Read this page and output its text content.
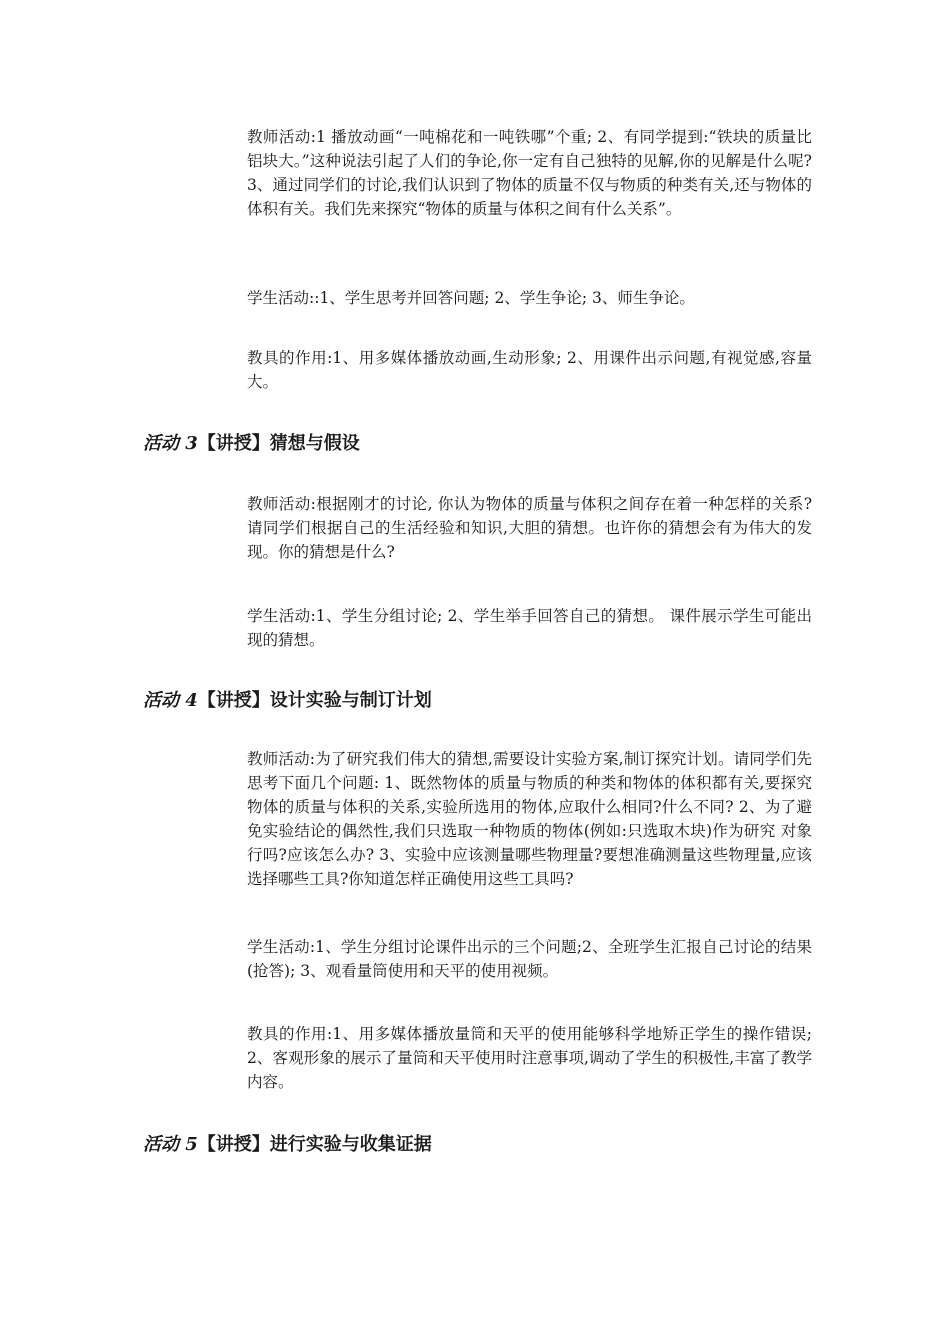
教师活动:1 播放动画“一吨棉花和一吨铁哪”个重; 2、有同学提到:“铁块的质量比铝块大。”这种说法引起了人们的争论,你一定有自己独特的见解,你的见解是什么呢? 3、通过同学们的讨论,我们认识到了物体的质量不仅与物质的种类有关,还与物体的体积有关。我们先来探究“物体的质量与体积之间有什么关系”。

学生活动::1、学生思考并回答问题; 2、学生争论; 3、师生争论。

教具的作用:1、用多媒体播放动画,生动形象; 2、用课件出示问题,有视觉感,容量大。

活动 3【讲授】猜想与假设

教师活动:根据刚才的讨论, 你认为物体的质量与体积之间存在着一种怎样的关系? 请同学们根据自己的生活经验和知识,大胆的猜想。也许你的猜想会有为伟大的发现。你的猜想是什么?

学生活动:1、学生分组讨论; 2、学生举手回答自己的猜想。 课件展示学生可能出现的猜想。

活动 4【讲授】设计实验与制订计划

教师活动:为了研究我们伟大的猜想,需要设计实验方案,制订探究计划。请同学们先思考下面几个问题: 1、既然物体的质量与物质的种类和物体的体积都有关,要探究物体的质量与体积的关系,实验所选用的物体,应取什么相同?什么不同? 2、为了避免实验结论的偶然性,我们只选取一种物质的物体(例如:只选取木块)作为研究 对象行吗?应该怎么办? 3、实验中应该测量哪些物理量?要想准确测量这些物理量,应该选择哪些工具?你知道怎样正确使用这些工具吗?

学生活动:1、学生分组讨论课件出示的三个问题;2、全班学生汇报自己讨论的结果(抢答); 3、观看量筒使用和天平的使用视频。

教具的作用:1、用多媒体播放量筒和天平的使用能够科学地矫正学生的操作错误; 2、客观形象的展示了量筒和天平使用时注意事项,调动了学生的积极性,丰富了教学内容。

活动 5【讲授】进行实验与收集证据
